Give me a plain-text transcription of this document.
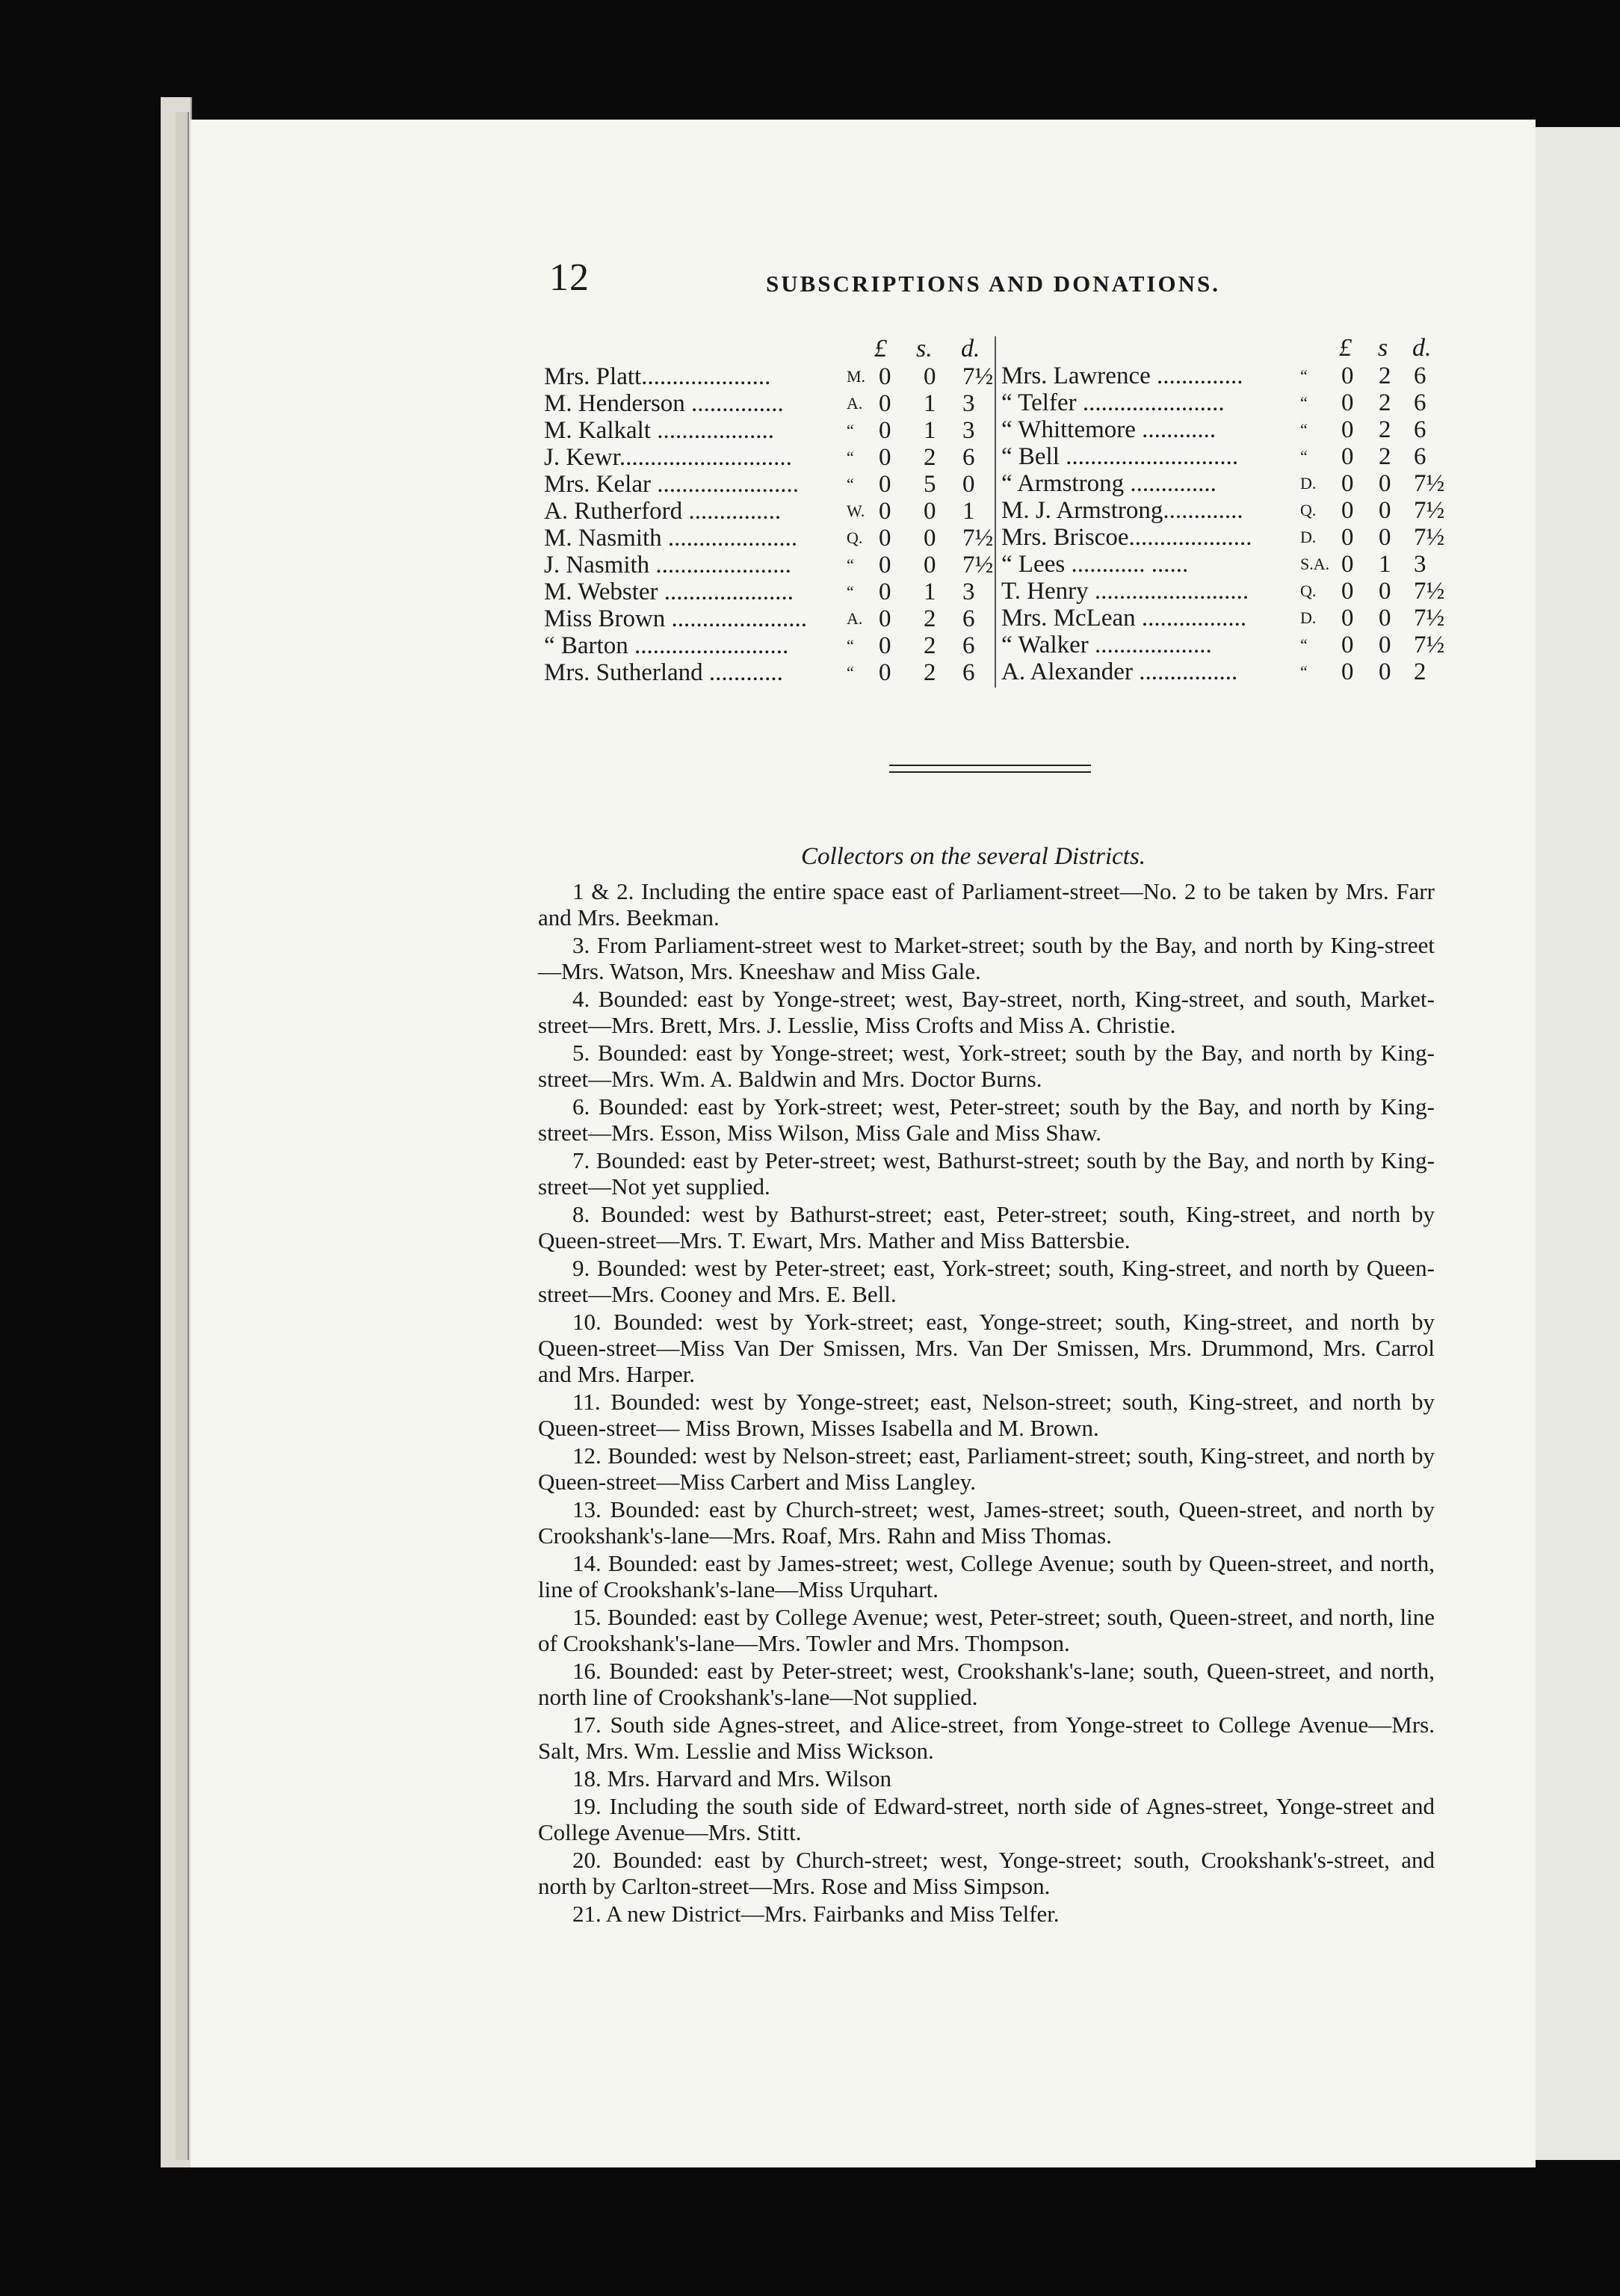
12	SUBSCRIPTIONS AND DONATIONS.
£ s. d.
Mrs. Platt.....................	M. 0 0 7½
M. Henderson ...............	A. 0 1 3
M. Kalkalt ...................	“ 0 1 3
J. Kewr............................	“ 0 2 6
Mrs. Kelar .......................	“ 0 5 0
A. Rutherford ...............	W. 0 0 1
M. Nasmith .....................	Q. 0 0 7½
J. Nasmith ......................	“ 0 0 7½
M. Webster .....................	“ 0 1 3
Miss Brown ...................... A. 0 2 6
“ Barton .........................	“ 0 2 6
Mrs. Sutherland ............	“ 0 2 6
£ s d.
Mrs. Lawrence ..............	“ 0 2 6
“ Telfer .......................	“ 0 2 6
“ Whittemore ............	“ 0 2 6
“ Bell ............................	“ 0 2 6
“ Armstrong ..............	D. 0 0 7½
M. J. Armstrong.............	Q. 0 0 7½
Mrs. Briscoe....................	D. 0 0 7½
“ Lees ............ ......	S.A. 0 1 3
T. Henry .........................	Q. 0 0 7½
Mrs. McLean .................	D. 0 0 7½
“ Walker ...................	“ 0 0 7½
A. Alexander ................	“ 0 0 2
Collectors on the several Districts.

1 & 2. Including the entire space east of Parliament-street—No. 2 to be taken by Mrs. Farr and Mrs. Beekman.

3. From Parliament-street west to Market-street; south by the Bay, and north by King-street—Mrs. Watson, Mrs. Kneeshaw and Miss Gale.

4. Bounded: east by Yonge-street; west, Bay-street, north, King-street, and south, Market-street—Mrs. Brett, Mrs. J. Lesslie, Miss Crofts and Miss A. Christie.

5. Bounded: east by Yonge-street; west, York-street; south by the Bay, and north by King-street—Mrs. Wm. A. Baldwin and Mrs. Doctor Burns.

6. Bounded: east by York-street; west, Peter-street; south by the Bay, and north by King-street—Mrs. Esson, Miss Wilson, Miss Gale and Miss Shaw.

7. Bounded: east by Peter-street; west, Bathurst-street; south by the Bay, and north by King-street—Not yet supplied.

8. Bounded: west by Bathurst-street; east, Peter-street; south, King-street, and north by Queen-street—Mrs. T. Ewart, Mrs. Mather and Miss Battersbie.

9. Bounded: west by Peter-street; east, York-street; south, King-street, and north by Queen-street—Mrs. Cooney and Mrs. E. Bell.

10. Bounded: west by York-street; east, Yonge-street; south, King-street, and north by Queen-street—Miss Van Der Smissen, Mrs. Van Der Smissen, Mrs. Drummond, Mrs. Carrol and Mrs. Harper.

11. Bounded: west by Yonge-street; east, Nelson-street; south, King-street, and north by Queen-street— Miss Brown, Misses Isabella and M. Brown.

12. Bounded: west by Nelson-street; east, Parliament-street; south, King-street, and north by Queen-street—Miss Carbert and Miss Langley.

13. Bounded: east by Church-street; west, James-street; south, Queen-street, and north by Crookshank's-lane—Mrs. Roaf, Mrs. Rahn and Miss Thomas.

14. Bounded: east by James-street; west, College Avenue; south by Queen-street, and north, line of Crookshank's-lane—Miss Urquhart.

15. Bounded: east by College Avenue; west, Peter-street; south, Queen-street, and north, line of Crookshank's-lane—Mrs. Towler and Mrs. Thompson.

16. Bounded: east by Peter-street; west, Crookshank's-lane; south, Queen-street, and north, north line of Crookshank's-lane—Not supplied.

17. South side Agnes-street, and Alice-street, from Yonge-street to College Avenue—Mrs. Salt, Mrs. Wm. Lesslie and Miss Wickson.

18. Mrs. Harvard and Mrs. Wilson

19. Including the south side of Edward-street, north side of Agnes-street, Yonge-street and College Avenue—Mrs. Stitt.

20. Bounded: east by Church-street; west, Yonge-street; south, Crookshank's-street, and north by Carlton-street—Mrs. Rose and Miss Simpson.

21. A new District—Mrs. Fairbanks and Miss Telfer.
